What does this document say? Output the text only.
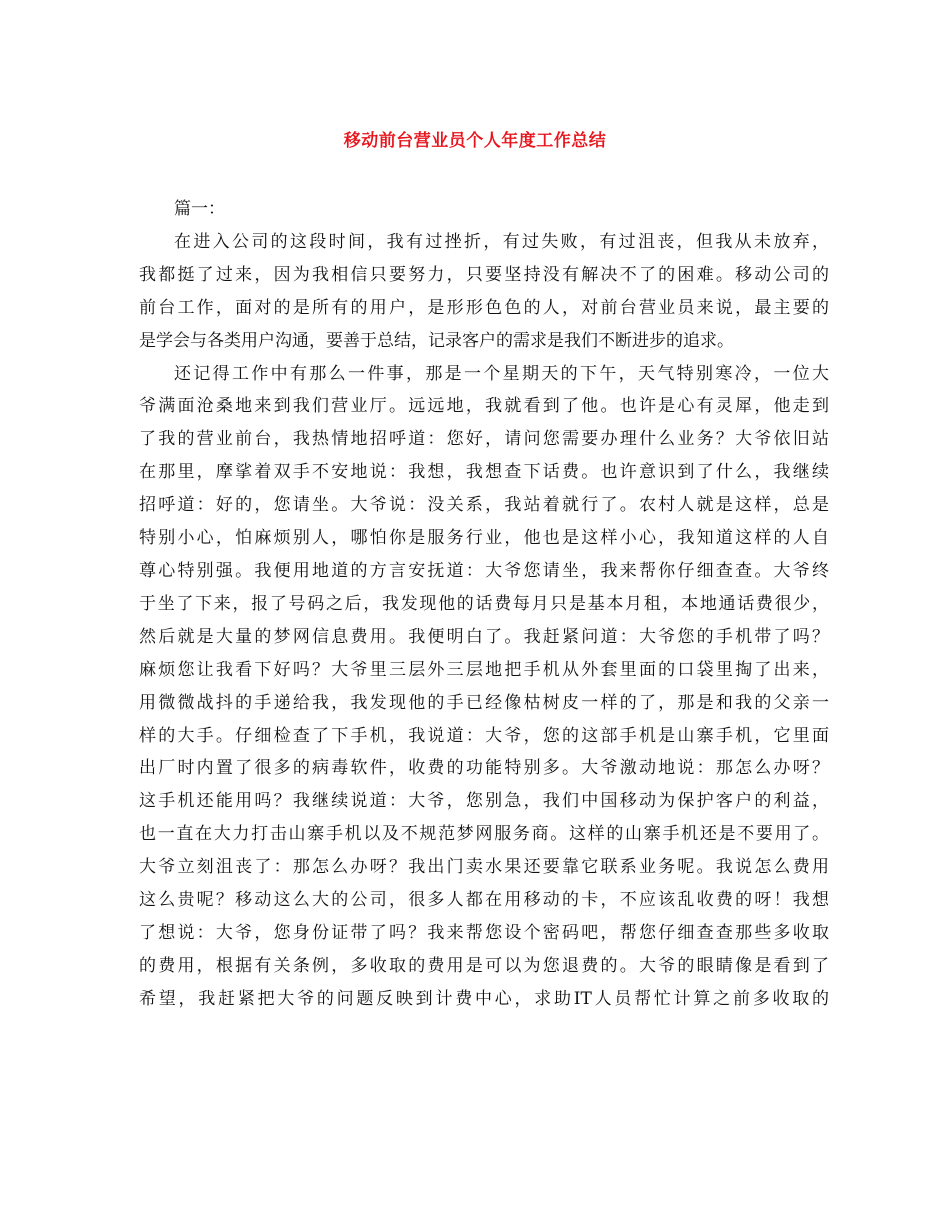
移动前台营业员个人年度工作总结

篇一：

在进入公司的这段时间，我有过挫折，有过失败，有过沮丧，但我从未放弃，
我都挺了过来，因为我相信只要努力，只要坚持没有解决不了的困难。移动公司的
前台工作，面对的是所有的用户，是形形色色的人，对前台营业员来说，最主要的
是学会与各类用户沟通，要善于总结，记录客户的需求是我们不断进步的追求。

还记得工作中有那么一件事，那是一个星期天的下午，天气特别寒冷，一位大
爷满面沧桑地来到我们营业厅。远远地，我就看到了他。也许是心有灵犀，他走到
了我的营业前台，我热情地招呼道：您好，请问您需要办理什么业务？大爷依旧站
在那里，摩挲着双手不安地说：我想，我想查下话费。也许意识到了什么，我继续
招呼道：好的，您请坐。大爷说：没关系，我站着就行了。农村人就是这样，总是
特别小心，怕麻烦别人，哪怕你是服务行业，他也是这样小心，我知道这样的人自
尊心特别强。我便用地道的方言安抚道：大爷您请坐，我来帮你仔细查查。大爷终
于坐了下来，报了号码之后，我发现他的话费每月只是基本月租，本地通话费很少，
然后就是大量的梦网信息费用。我便明白了。我赶紧问道：大爷您的手机带了吗？
麻烦您让我看下好吗？大爷里三层外三层地把手机从外套里面的口袋里掏了出来，
用微微战抖的手递给我，我发现他的手已经像枯树皮一样的了，那是和我的父亲一
样的大手。仔细检查了下手机，我说道：大爷，您的这部手机是山寨手机，它里面
出厂时内置了很多的病毒软件，收费的功能特别多。大爷激动地说：那怎么办呀？
这手机还能用吗？我继续说道：大爷，您别急，我们中国移动为保护客户的利益，
也一直在大力打击山寨手机以及不规范梦网服务商。这样的山寨手机还是不要用了。
大爷立刻沮丧了：那怎么办呀？我出门卖水果还要靠它联系业务呢。我说怎么费用
这么贵呢？移动这么大的公司，很多人都在用移动的卡，不应该乱收费的呀！我想
了想说：大爷，您身份证带了吗？我来帮您设个密码吧，帮您仔细查查那些多收取
的费用，根据有关条例，多收取的费用是可以为您退费的。大爷的眼睛像是看到了
希望，我赶紧把大爷的问题反映到计费中心，求助IT人员帮忙计算之前多收取的
